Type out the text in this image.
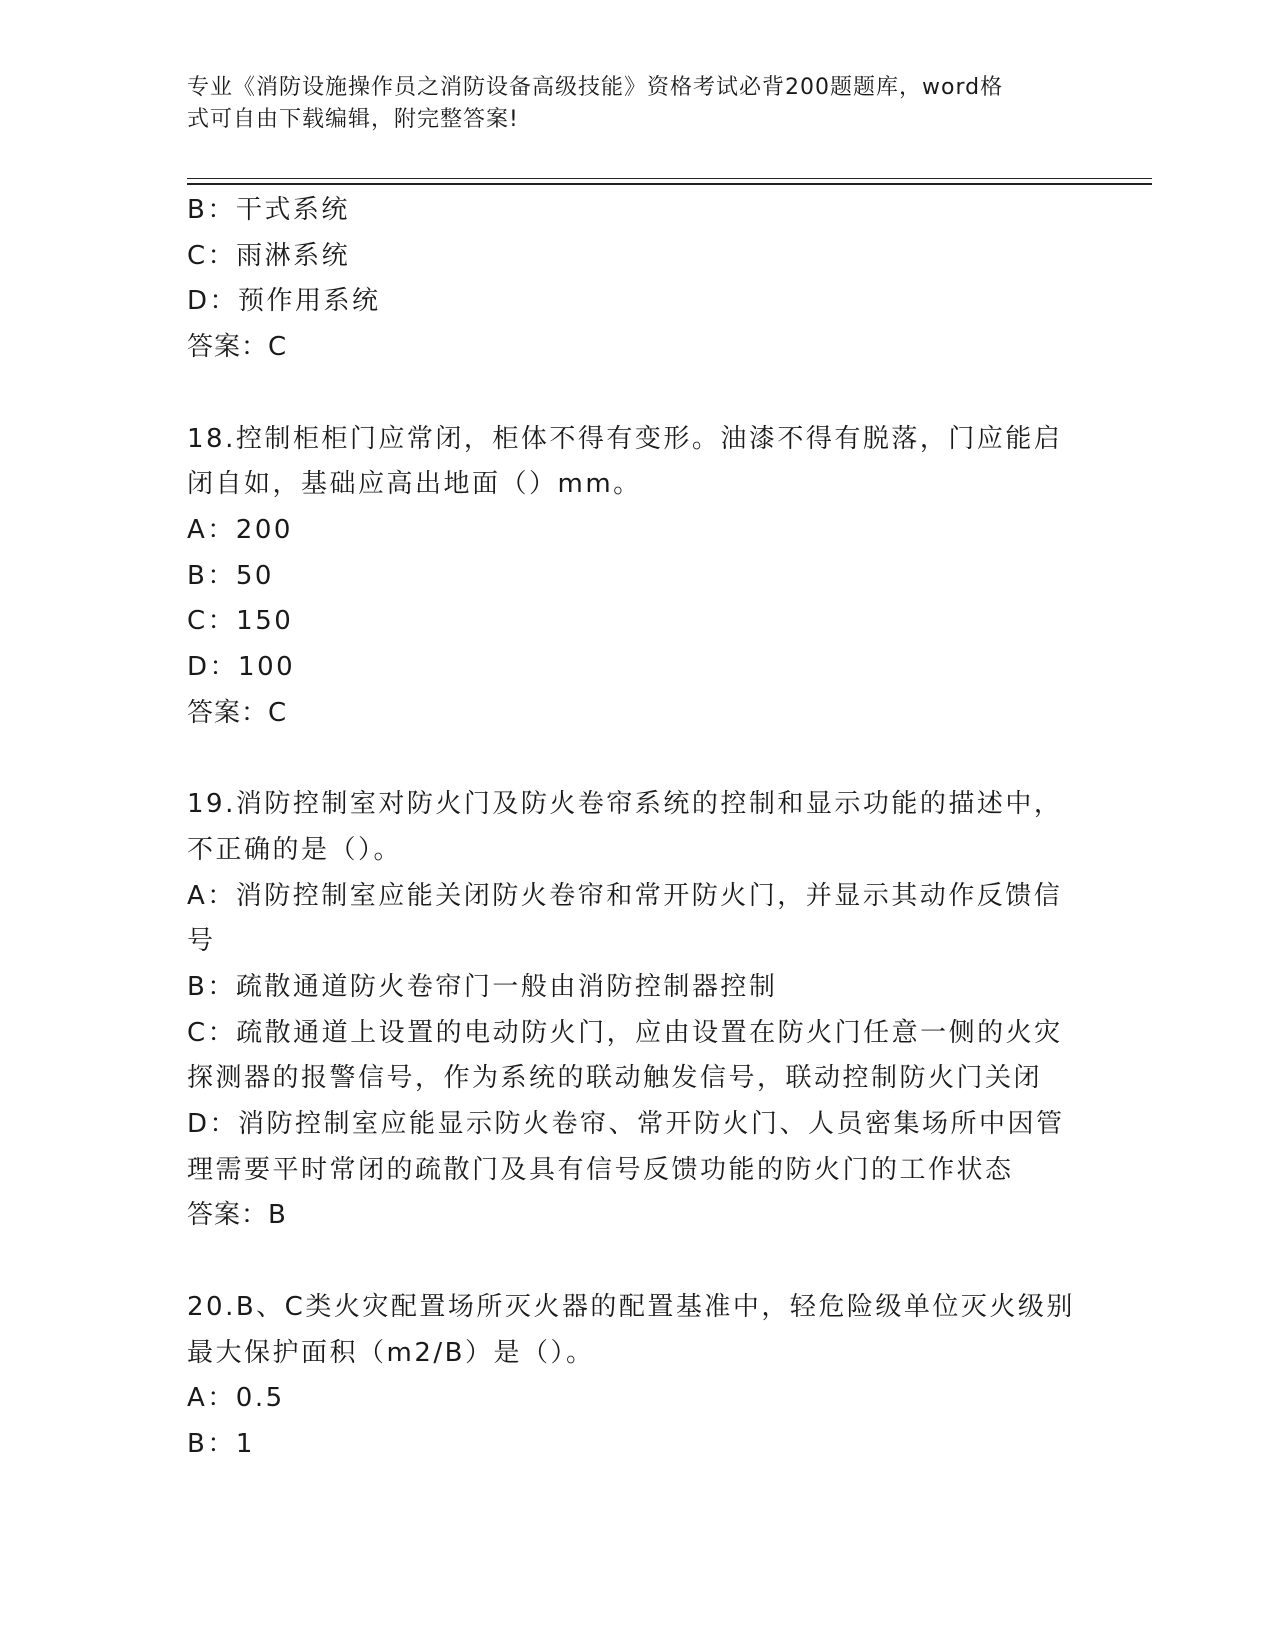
专业《消防设施操作员之消防设备高级技能》资格考试必背200题题库，word格
式可自由下载编辑，附完整答案!
B：干式系统
C：雨淋系统
D：预作用系统
答案：C
18.控制柜柜门应常闭，柜体不得有变形。油漆不得有脱落，门应能启
闭自如，基础应高出地面（）mm。
A：200
B：50
C：150
D：100
答案：C
19.消防控制室对防火门及防火卷帘系统的控制和显示功能的描述中，
不正确的是（）。
A：消防控制室应能关闭防火卷帘和常开防火门，并显示其动作反馈信
号
B：疏散通道防火卷帘门一般由消防控制器控制
C：疏散通道上设置的电动防火门，应由设置在防火门任意一侧的火灾
探测器的报警信号，作为系统的联动触发信号，联动控制防火门关闭
D：消防控制室应能显示防火卷帘、常开防火门、人员密集场所中因管
理需要平时常闭的疏散门及具有信号反馈功能的防火门的工作状态
答案：B
20.B、C类火灾配置场所灭火器的配置基准中，轻危险级单位灭火级别
最大保护面积（m2/B）是（）。
A：0.5
B：1
